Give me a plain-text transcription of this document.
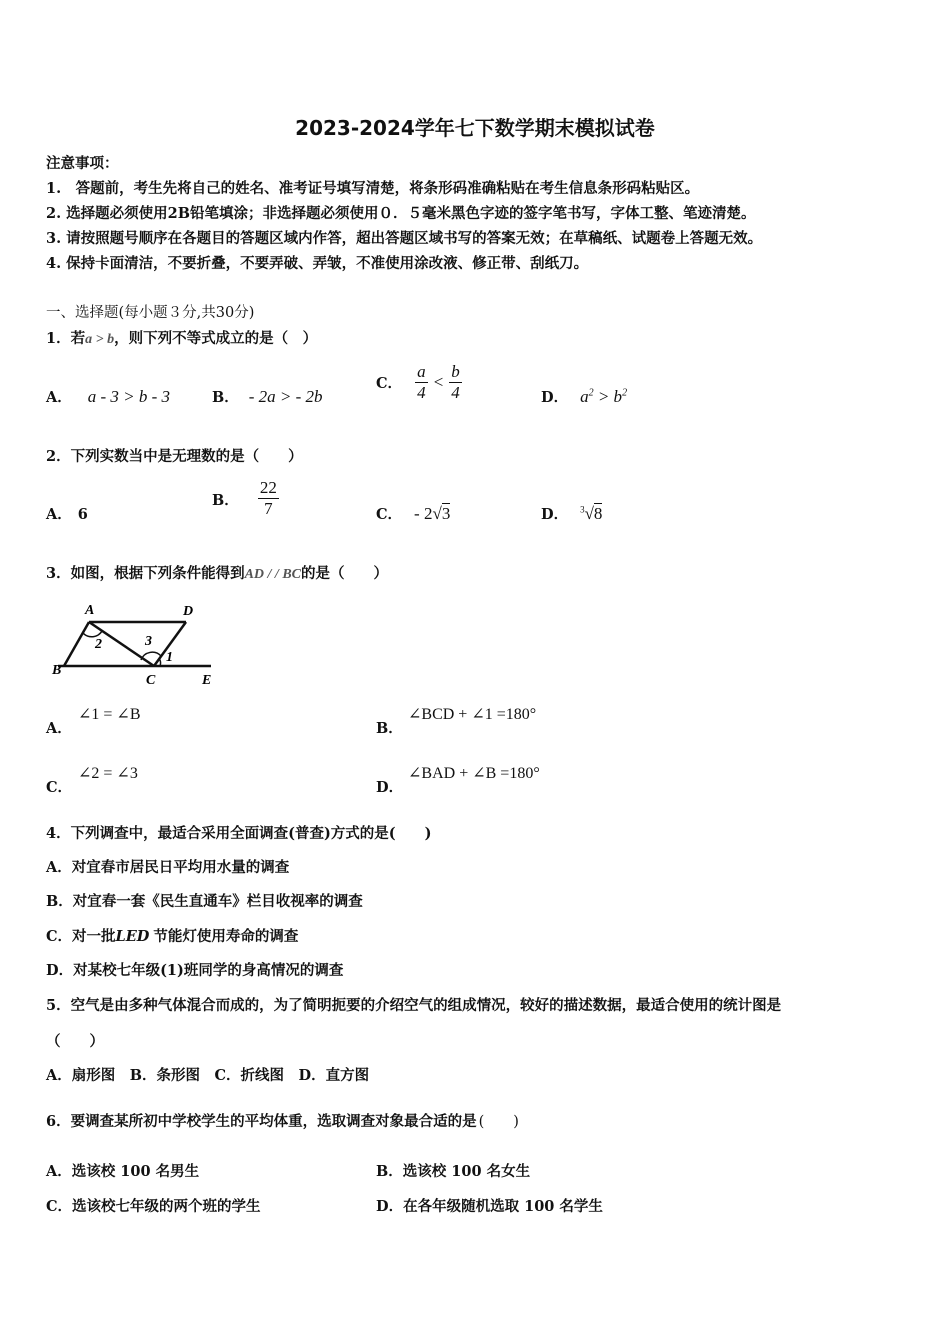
2023-2024学年七下数学期末模拟试卷
注意事项：
1.　答题前，考生先将自己的姓名、准考证号填写清楚，将条形码准确粘贴在考生信息条形码粘贴区。
2. 选择题必须使用2B铅笔填涂；非选择题必须使用０．５毫米黑色字迹的签字笔书写，字体工整、笔迹清楚。
3. 请按照题号顺序在各题目的答题区域内作答，超出答题区域书写的答案无效；在草稿纸、试题卷上答题无效。
4. 保持卡面清洁，不要折叠，不要弄破、弄皱，不准使用涂改液、修正带、刮纸刀。
一、选择题(每小题３分,共30分)
1．若a > b，则下列不等式成立的是（　）
A． a - 3 > b - 3	B． - 2a > - 2b
C． $\frac{a}{4} < \frac{b}{4}$	D． $a^2 > b^2$
2．下列实数当中是无理数的是（　　）
A． 6
B． $\frac{22}{7}$	C． - 2√3	D． $^3$√8
3．如图，根据下列条件能得到AD / / BC的是（　　）
A	D
B
C	E
1
2	3
A．
∠1 = ∠B
B．
∠BCD + ∠1 =180°
C．
∠2 = ∠3
D．
∠BAD + ∠B =180°
4．下列调查中，最适合采用全面调查(普查)方式的是(　　)
A．对宜春市居民日平均用水量的调查
B．对宜春一套《民生直通车》栏目收视率的调查
C．对一批LED 节能灯使用寿命的调查
D．对某校七年级(1)班同学的身高情况的调查
5．空气是由多种气体混合而成的，为了简明扼要的介绍空气的组成情况，较好的描述数据，最适合使用的统计图是
（　　）
A．扇形图　B．条形图　C．折线图　D．直方图
6．要调查某所初中学校学生的平均体重，选取调查对象最合适的是 (　　)
A．选该校 100 名男生	B．选该校 100 名女生
C．选该校七年级的两个班的学生	D．在各年级随机选取 100 名学生
